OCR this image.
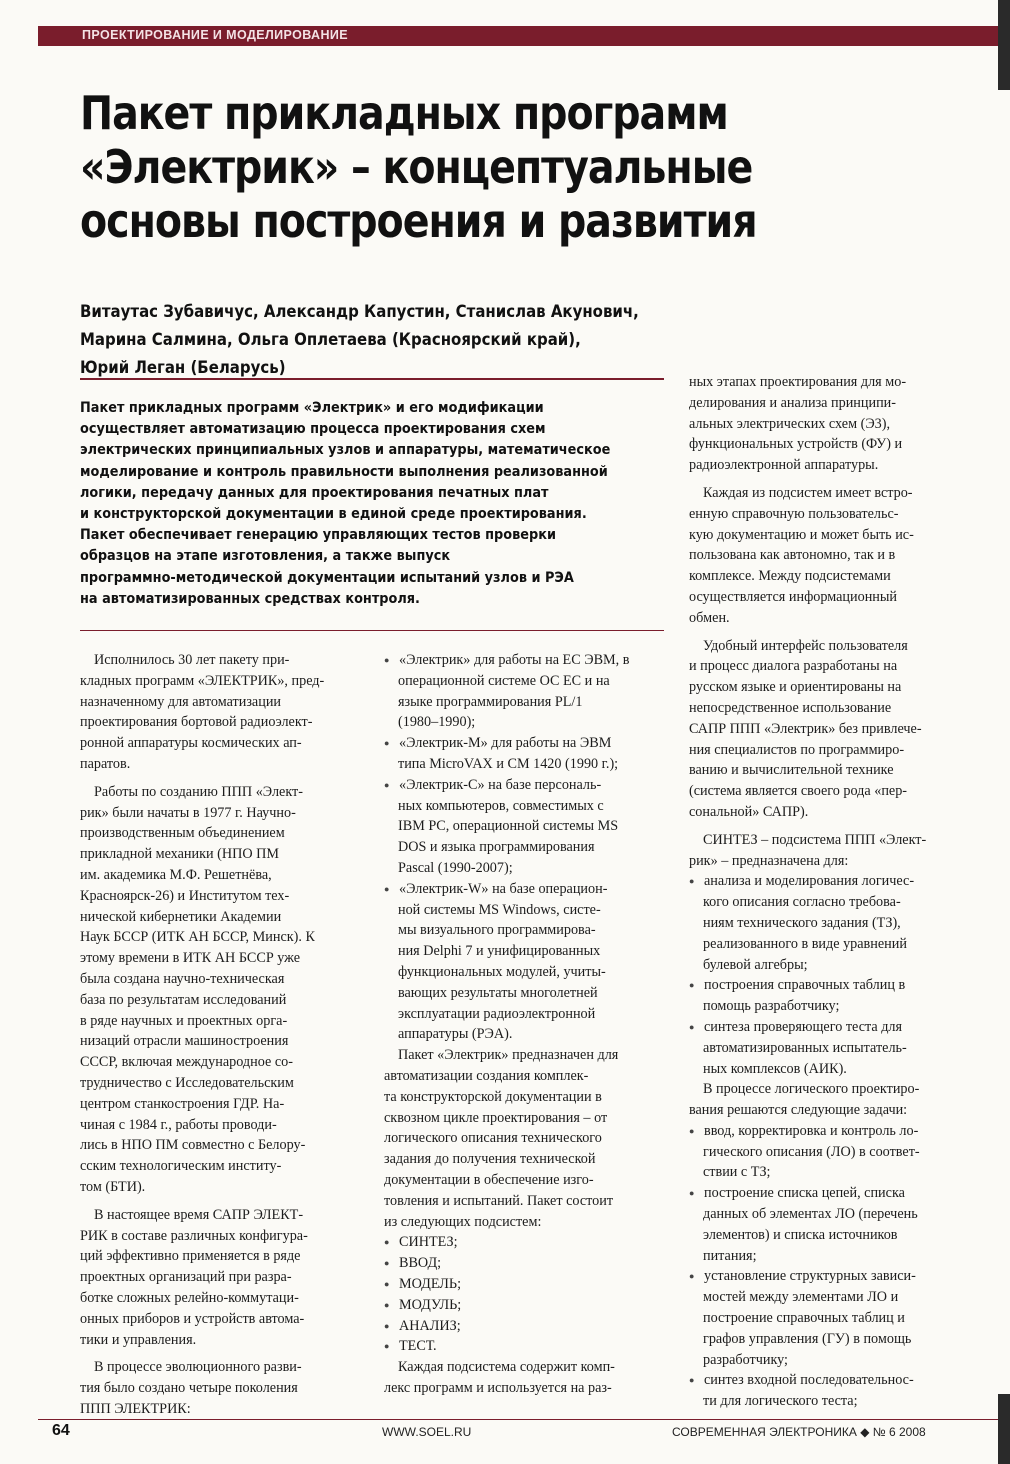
ПРОЕКТИРОВАНИЕ И МОДЕЛИРОВАНИЕ
Пакет прикладных программ
«Электрик» – концептуальные
основы построения и развития
Витаутас Зубавичус, Александр Капустин, Станислав Акунович,
Марина Салмина, Ольга Оплетаева (Красноярский край),
Юрий Леган (Беларусь)
Пакет прикладных программ «Электрик» и его модификации
осуществляет автоматизацию процесса проектирования схем
электрических принципиальных узлов и аппаратуры, математическое
моделирование и контроль правильности выполнения реализованной
логики, передачу данных для проектирования печатных плат
и конструкторской документации в единой среде проектирования.
Пакет обеспечивает генерацию управляющих тестов проверки
образцов на этапе изготовления, а также выпуск
программно-методической документации испытаний узлов и РЭА
на автоматизированных средствах контроля.
Исполнилось 30 лет пакету при-
кладных программ «ЭЛЕКТРИК», пред-
назначенному для автоматизации
проектирования бортовой радиоэлект-
ронной аппаратуры космических ап-
паратов.
Работы по созданию ППП «Элект-
рик» были начаты в 1977 г. Научно-
производственным объединением
прикладной механики (НПО ПМ
им. академика М.Ф. Решетнёва,
Красноярск-26) и Институтом тех-
нической кибернетики Академии
Наук БССР (ИТК АН БССР, Минск). К
этому времени в ИТК АН БССР уже
была создана научно-техническая
база по результатам исследований
в ряде научных и проектных орга-
низаций отрасли машиностроения
СССР, включая международное со-
трудничество с Исследовательским
центром станкостроения ГДР. На-
чиная с 1984 г., работы проводи-
лись в НПО ПМ совместно с Белору-
сским технологическим институ-
том (БТИ).
В настоящее время САПР ЭЛЕКТ-
РИК в составе различных конфигура-
ций эффективно применяется в ряде
проектных организаций при разра-
ботке сложных релейно-коммутаци-
онных приборов и устройств автома-
тики и управления.
В процессе эволюционного разви-
тия было создано четыре поколения
ППП ЭЛЕКТРИК:
● «Электрик» для работы на ЕС ЭВМ, в
операционной системе ОС ЕС и на
языке программирования PL/1
(1980–1990);
● «Электрик-М» для работы на ЭВМ
типа MicroVAX и СМ 1420 (1990 г.);
● «Электрик-С» на базе персональ-
ных компьютеров, совместимых с
IBM PC, операционной системы MS
DOS и языка программирования
Pascal (1990-2007);
● «Электрик-W» на базе операцион-
ной системы MS Windows, систе-
мы визуального программирова-
ния Delphi 7 и унифицированных
функциональных модулей, учиты-
вающих результаты многолетней
эксплуатации радиоэлектронной
аппаратуры (РЭА).
Пакет «Электрик» предназначен для
автоматизации создания комплек-
та конструкторской документации в
сквозном цикле проектирования – от
логического описания технического
задания до получения технической
документации в обеспечение изго-
товления и испытаний. Пакет состоит
из следующих подсистем:
● СИНТЕЗ;
● ВВОД;
● МОДЕЛЬ;
● МОДУЛЬ;
● АНАЛИЗ;
● ТЕСТ.
Каждая подсистема содержит комп-
лекс программ и используется на раз-
ных этапах проектирования для мо-
делирования и анализа принципи-
альных электрических схем (Э3),
функциональных устройств (ФУ) и
радиоэлектронной аппаратуры.
Каждая из подсистем имеет встро-
енную справочную пользовательс-
кую документацию и может быть ис-
пользована как автономно, так и в
комплексе. Между подсистемами
осуществляется информационный
обмен.
Удобный интерфейс пользователя
и процесс диалога разработаны на
русском языке и ориентированы на
непосредственное использование
САПР ППП «Электрик» без привлече-
ния специалистов по программиро-
ванию и вычислительной технике
(система является своего рода «пер-
сональной» САПР).
СИНТЕЗ – подсистема ППП «Элект-
рик» – предназначена для:
● анализа и моделирования логичес-
кого описания согласно требова-
ниям технического задания (ТЗ),
реализованного в виде уравнений
булевой алгебры;
● построения справочных таблиц в
помощь разработчику;
● синтеза проверяющего теста для
автоматизированных испытатель-
ных комплексов (АИК).
В процессе логического проектиро-
вания решаются следующие задачи:
● ввод, корректировка и контроль ло-
гического описания (ЛО) в соответ-
ствии с ТЗ;
● построение списка цепей, списка
данных об элементах ЛО (перечень
элементов) и списка источников
питания;
● установление структурных зависи-
мостей между элементами ЛО и
построение справочных таблиц и
графов управления (ГУ) в помощь
разработчику;
● синтез входной последовательнос-
ти для логического теста;
64	WWW.SOEL.RU	СОВРЕМЕННАЯ ЭЛЕКТРОНИКА ◆ № 6 2008
